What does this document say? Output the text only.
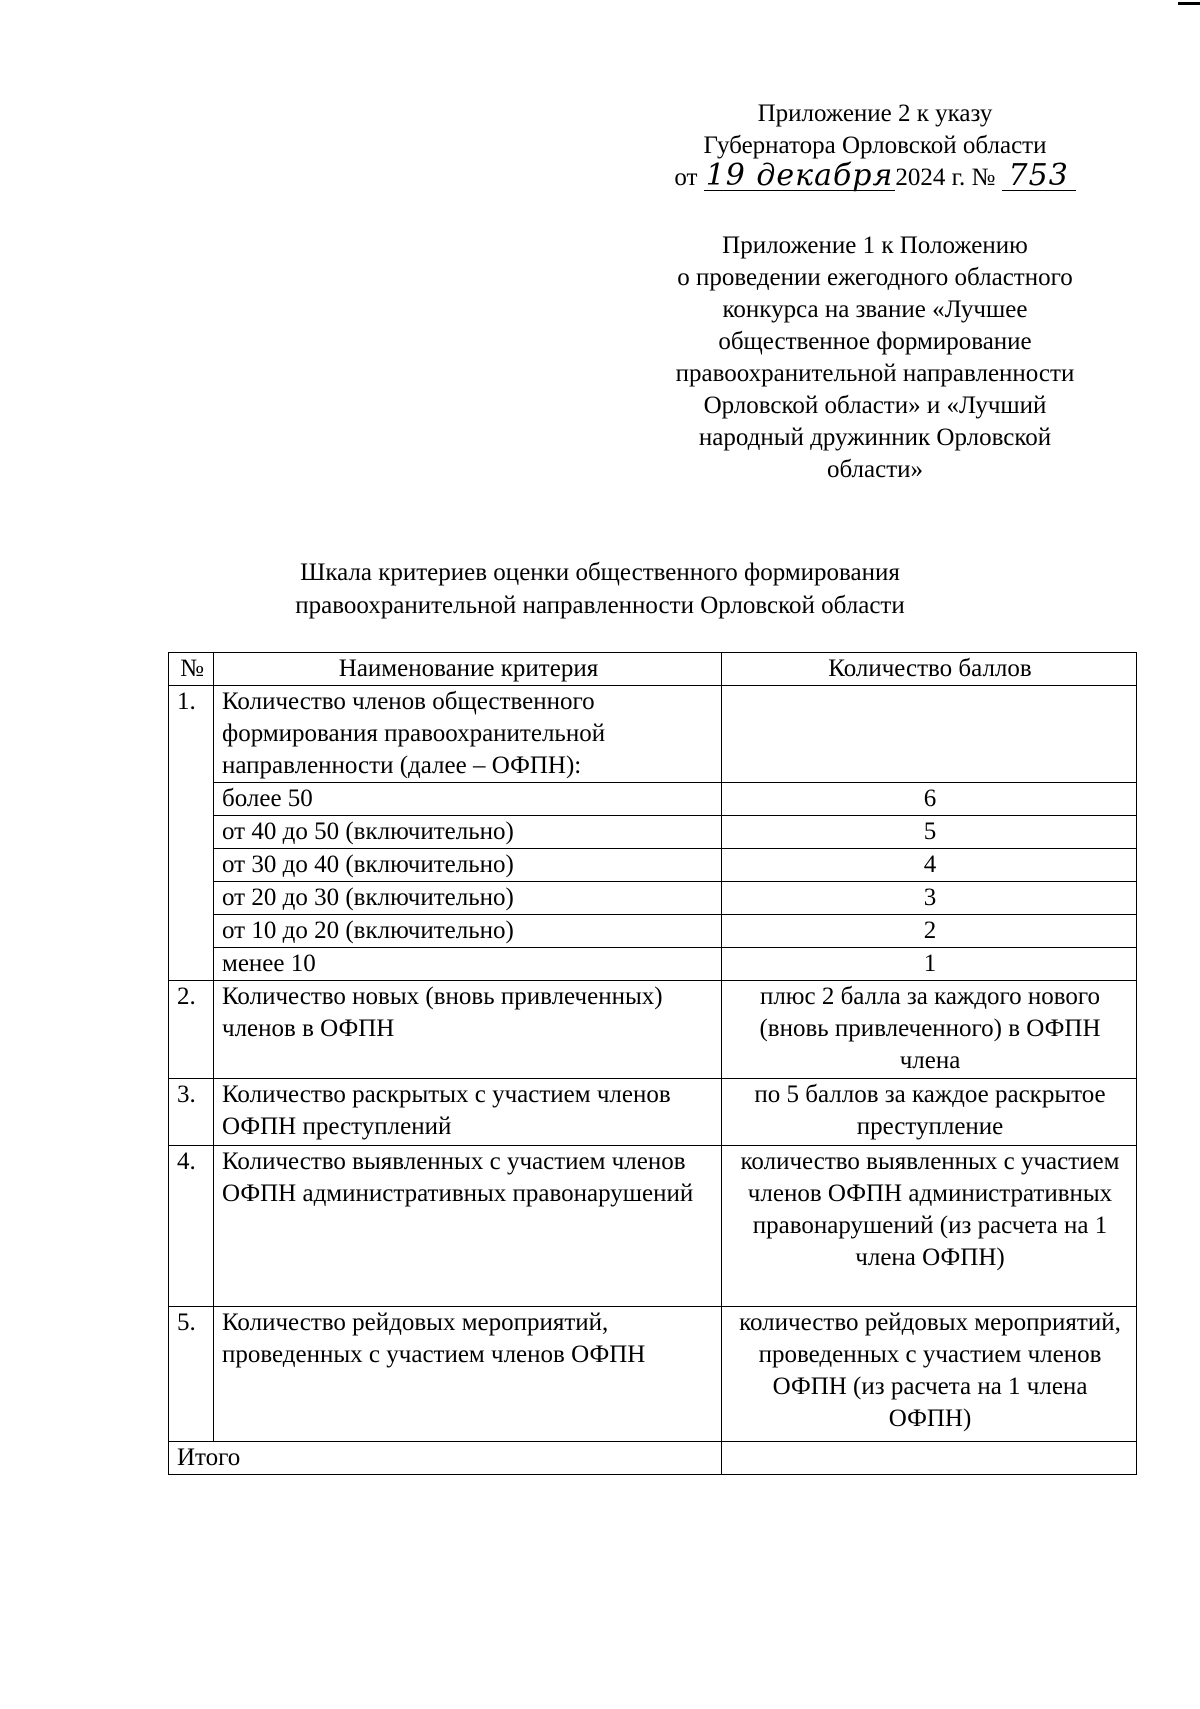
Приложение 2 к указу
Губернатора Орловской области
от 19 декабря2024 г. № 753
Приложение 1 к Положению
о проведении ежегодного областного
конкурса на звание «Лучшее
общественное формирование
правоохранительной направленности
Орловской области» и «Лучший
народный дружинник Орловской
области»
Шкала критериев оценки общественного формирования
правоохранительной направленности Орловской области
№	Наименование критерия	Количество баллов
1.	Количество членов общественного формирования правоохранительной направленности (далее – ОФПН):	
	более 50	6
	от 40 до 50 (включительно)	5
	от 30 до 40 (включительно)	4
	от 20 до 30 (включительно)	3
	от 10 до 20 (включительно)	2
	менее 10	1
2.	Количество новых (вновь привлеченных) членов в ОФПН	плюс 2 балла за каждого нового (вновь привлеченного) в ОФПН члена
3.	Количество раскрытых с участием членов ОФПН преступлений	по 5 баллов за каждое раскрытое преступление
4.	Количество выявленных с участием членов ОФПН административных правонарушений	количество выявленных с участием членов ОФПН административных правонарушений (из расчета на 1 члена ОФПН)
5.	Количество рейдовых мероприятий, проведенных с участием членов ОФПН	количество рейдовых мероприятий, проведенных с участием членов ОФПН (из расчета на 1 члена ОФПН)
Итого		
